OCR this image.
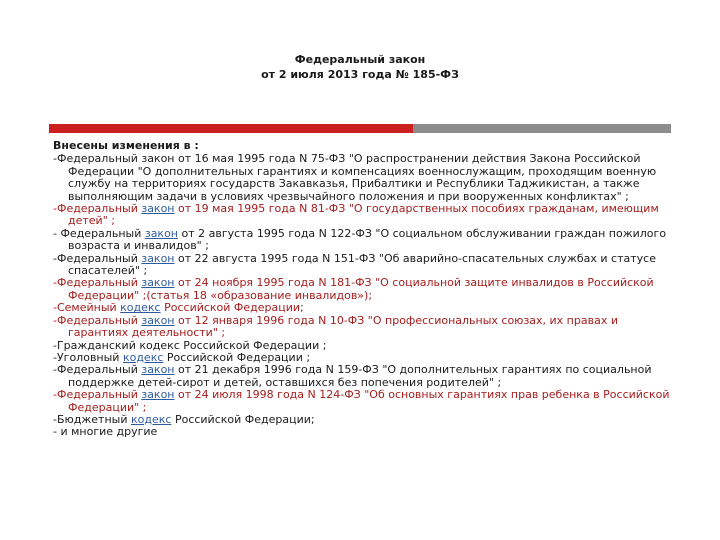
Федеральный закон
от 2 июля 2013 года № 185-ФЗ
Внесены изменения в :
-Федеральный закон от 16 мая 1995 года N 75-ФЗ "О распространении действия Закона Российской Федерации "О дополнительных гарантиях и компенсациях военнослужащим, проходящим военную службу на территориях государств Закавказья, Прибалтики и Республики Таджикистан, а также выполняющим задачи в условиях чрезвычайного положения и при вооруженных конфликтах" ;
-Федеральный закон от 19 мая 1995 года N 81-ФЗ "О государственных пособиях гражданам, имеющим детей" ;
- Федеральный закон от 2 августа 1995 года N 122-ФЗ "О социальном обслуживании граждан пожилого возраста и инвалидов" ;
-Федеральный закон от 22 августа 1995 года N 151-ФЗ "Об аварийно-спасательных службах и статусе спасателей" ;
-Федеральный закон от 24 ноября 1995 года N 181-ФЗ "О социальной защите инвалидов в Российской Федерации" ;(статья 18 «образование инвалидов»);
-Семейный кодекс Российской Федерации;
-Федеральный закон от 12 января 1996 года N 10-ФЗ "О профессиональных союзах, их правах и гарантиях деятельности" ;
-Гражданский кодекс Российской Федерации ;
-Уголовный кодекс Российской Федерации ;
-Федеральный закон от 21 декабря 1996 года N 159-ФЗ "О дополнительных гарантиях по социальной поддержке детей-сирот и детей, оставшихся без попечения родителей" ;
-Федеральный закон от 24 июля 1998 года N 124-ФЗ "Об основных гарантиях прав ребенка в Российской Федерации" ;
-Бюджетный кодекс Российской Федерации;
- и многие другие
